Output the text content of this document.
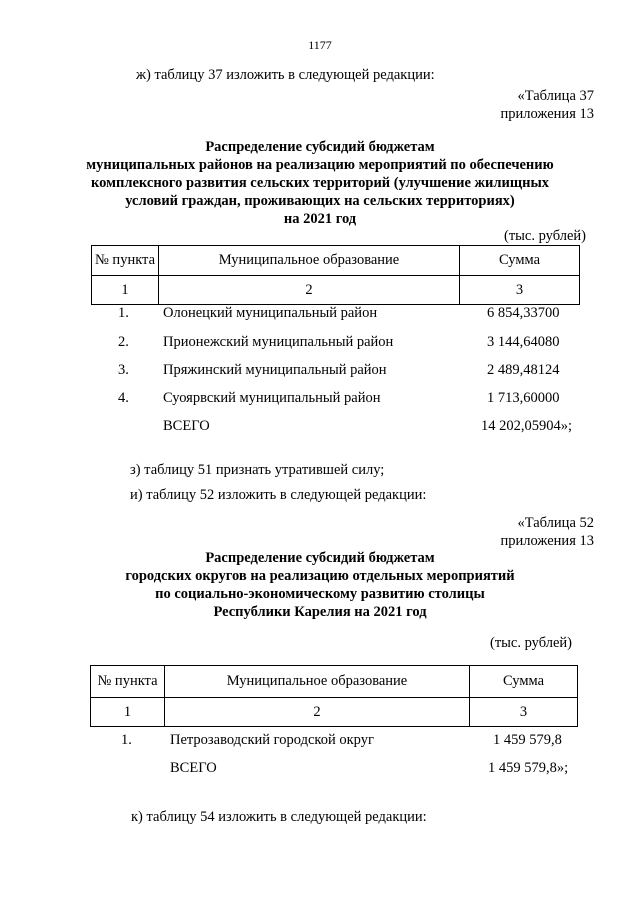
1177
ж) таблицу 37 изложить в следующей редакции:
«Таблица 37
приложения 13
Распределение субсидий бюджетам
муниципальных районов на реализацию мероприятий по обеспечению
комплексного развития сельских территорий (улучшение жилищных
условий граждан, проживающих на сельских территориях)
на 2021 год
(тыс. рублей)
№ пункта	Муниципальное образование	Сумма
1	2	3
1. Олонецкий муниципальный район	6 854,33700
2. Прионежский муниципальный район	3 144,64080
3. Пряжинский муниципальный район	2 489,48124
4. Суоярвский муниципальный район	1 713,60000
ВСЕГО	14 202,05904»;
з) таблицу 51 признать утратившей силу;
и) таблицу 52 изложить в следующей редакции:
«Таблица 52
приложения 13
Распределение субсидий бюджетам
городских округов на реализацию отдельных мероприятий
по социально-экономическому развитию столицы
Республики Карелия на 2021 год
(тыс. рублей)
№ пункта	Муниципальное образование	Сумма
1	2	3
1.	Петрозаводский городской округ	1 459 579,8
ВСЕГО	1 459 579,8»;
к) таблицу 54 изложить в следующей редакции:
